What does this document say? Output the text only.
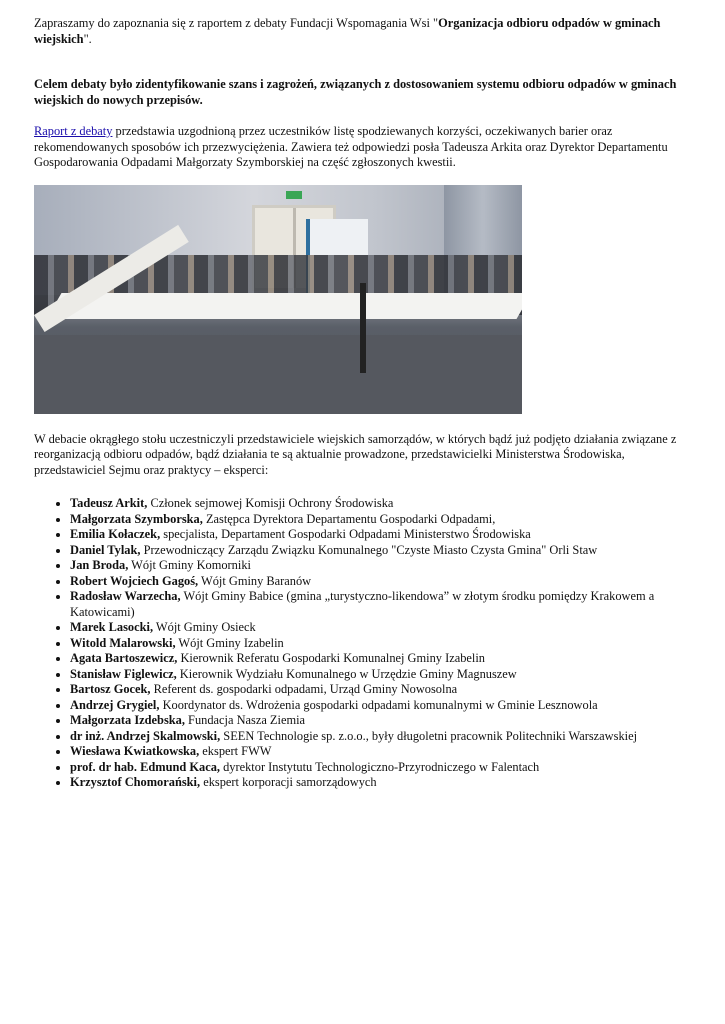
Zapraszamy do zapoznania się z raportem z debaty Fundacji Wspomagania Wsi "Organizacja odbioru odpadów w gminach wiejskich".

Celem debaty było zidentyfikowanie szans i zagrożeń, związanych z dostosowaniem systemu odbioru odpadów w gminach wiejskich do nowych przepisów.

Raport z debaty przedstawia uzgodnioną przez uczestników listę spodziewanych korzyści, oczekiwanych barier oraz rekomendowanych sposobów ich przezwyciężenia. Zawiera też odpowiedzi posła Tadeusza Arkita oraz Dyrektor Departamentu Gospodarowania Odpadami Małgorzaty Szymborskiej na część zgłoszonych kwestii.

W debacie okrągłego stołu uczestniczyli przedstawiciele wiejskich samorządów, w których bądź już podjęto działania związane z reorganizacją odbioru odpadów, bądź działania te są aktualnie prowadzone, przedstawicielki Ministerstwa Środowiska, przedstawiciel Sejmu oraz praktycy – eksperci:

• Tadeusz Arkit, Członek sejmowej Komisji Ochrony Środowiska
• Małgorzata Szymborska, Zastępca Dyrektora Departamentu Gospodarki Odpadami,
• Emilia Kołaczek, specjalista, Departament Gospodarki Odpadami Ministerstwo Środowiska
• Daniel Tylak, Przewodniczący Zarządu Związku Komunalnego "Czyste Miasto Czysta Gmina" Orli Staw
• Jan Broda, Wójt Gminy Komorniki
• Robert Wojciech Gagoś, Wójt Gminy Baranów
• Radosław Warzecha, Wójt Gminy Babice (gmina „turystyczno-likendowa” w złotym środku pomiędzy Krakowem a Katowicami)
• Marek Lasocki, Wójt Gminy Osieck
• Witold Malarowski, Wójt Gminy Izabelin
• Agata Bartoszewicz, Kierownik Referatu Gospodarki Komunalnej Gminy Izabelin
• Stanisław Figlewicz, Kierownik Wydziału Komunalnego w Urzędzie Gminy Magnuszew
• Bartosz Gocek, Referent ds. gospodarki odpadami, Urząd Gminy Nowosolna
• Andrzej Grygiel, Koordynator ds. Wdrożenia gospodarki odpadami komunalnymi w Gminie Lesznowola
• Małgorzata Izdebska, Fundacja Nasza Ziemia
• dr inż. Andrzej Skalmowski, SEEN Technologie sp. z.o.o., były długoletni pracownik Politechniki Warszawskiej
• Wiesława Kwiatkowska, ekspert FWW
• prof. dr hab. Edmund Kaca, dyrektor Instytutu Technologiczno-Przyrodniczego w Falentach
• Krzysztof Chomorański, ekspert korporacji samorządowych
